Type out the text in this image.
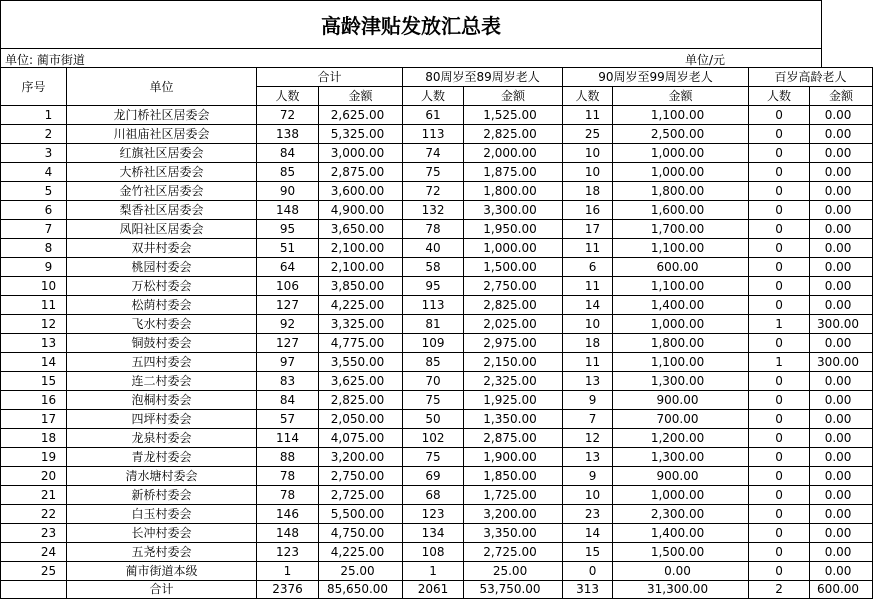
高龄津贴发放汇总表
单位: 蔺市街道	单位/元
序号	单位	合计		80周岁至89周岁老人		90周岁至99周岁老人		百岁高龄老人	
		人数	金额	人数	金额	人数	金额	人数	金额
1	龙门桥社区居委会	72	2,625.00	61	1,525.00	11	1,100.00	0	0.00
2	川祖庙社区居委会	138	5,325.00	113	2,825.00	25	2,500.00	0	0.00
3	红旗社区居委会	84	3,000.00	74	2,000.00	10	1,000.00	0	0.00
4	大桥社区居委会	85	2,875.00	75	1,875.00	10	1,000.00	0	0.00
5	金竹社区居委会	90	3,600.00	72	1,800.00	18	1,800.00	0	0.00
6	梨香社区居委会	148	4,900.00	132	3,300.00	16	1,600.00	0	0.00
7	凤阳社区居委会	95	3,650.00	78	1,950.00	17	1,700.00	0	0.00
8	双井村委会	51	2,100.00	40	1,000.00	11	1,100.00	0	0.00
9	桃园村委会	64	2,100.00	58	1,500.00	6	600.00	0	0.00
10	万松村委会	106	3,850.00	95	2,750.00	11	1,100.00	0	0.00
11	松荫村委会	127	4,225.00	113	2,825.00	14	1,400.00	0	0.00
12	飞水村委会	92	3,325.00	81	2,025.00	10	1,000.00	1	300.00
13	铜鼓村委会	127	4,775.00	109	2,975.00	18	1,800.00	0	0.00
14	五四村委会	97	3,550.00	85	2,150.00	11	1,100.00	1	300.00
15	连二村委会	83	3,625.00	70	2,325.00	13	1,300.00	0	0.00
16	泡桐村委会	84	2,825.00	75	1,925.00	9	900.00	0	0.00
17	四坪村委会	57	2,050.00	50	1,350.00	7	700.00	0	0.00
18	龙泉村委会	114	4,075.00	102	2,875.00	12	1,200.00	0	0.00
19	青龙村委会	88	3,200.00	75	1,900.00	13	1,300.00	0	0.00
20	清水塘村委会	78	2,750.00	69	1,850.00	9	900.00	0	0.00
21	新桥村委会	78	2,725.00	68	1,725.00	10	1,000.00	0	0.00
22	白玉村委会	146	5,500.00	123	3,200.00	23	2,300.00	0	0.00
23	长冲村委会	148	4,750.00	134	3,350.00	14	1,400.00	0	0.00
24	五尧村委会	123	4,225.00	108	2,725.00	15	1,500.00	0	0.00
25	蔺市街道本级	1	25.00	1	25.00	0	0.00	0	0.00
	合计	2376	85,650.00	2061	53,750.00	313	31,300.00	2	600.00
